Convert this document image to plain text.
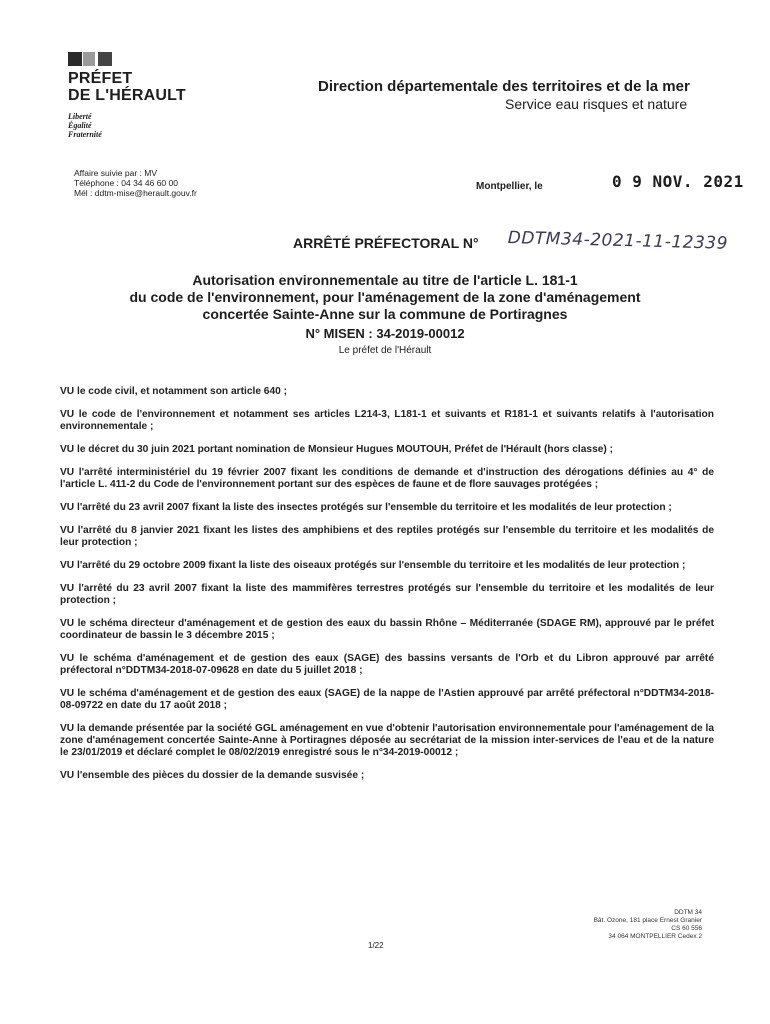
PRÉFET
DE L'HÉRAULT
Liberté
Égalité
Fraternité
Direction départementale des territoires et de la mer
Service eau risques et nature
Affaire suivie par : MV
Téléphone : 04 34 46 60 00
Mél : ddtm-mise@herault.gouv.fr
Montpellier, le	0 9 NOV. 2021
ARRÊTÉ PRÉFECTORAL N° DDTM34-2021-11-12339
Autorisation environnementale au titre de l'article L. 181-1
du code de l'environnement, pour l'aménagement de la zone d'aménagement
concertée Sainte-Anne sur la commune de Portiragnes
N° MISEN : 34-2019-00012
Le préfet de l'Hérault

VU le code civil, et notamment son article 640 ;

VU le code de l'environnement et notamment ses articles L214-3, L181-1 et suivants et R181-1 et suivants relatifs à l'autorisation environnementale ;

VU le décret du 30 juin 2021 portant nomination de Monsieur Hugues MOUTOUH, Préfet de l'Hérault (hors classe) ;

VU l'arrêté interministériel du 19 février 2007 fixant les conditions de demande et d'instruction des dérogations définies au 4° de l'article L. 411-2 du Code de l'environnement portant sur des espèces de faune et de flore sauvages protégées ;

VU l'arrêté du 23 avril 2007 fixant la liste des insectes protégés sur l'ensemble du territoire et les modalités de leur protection ;

VU l'arrêté du 8 janvier 2021 fixant les listes des amphibiens et des reptiles protégés sur l'ensemble du territoire et les modalités de leur protection ;

VU l'arrêté du 29 octobre 2009 fixant la liste des oiseaux protégés sur l'ensemble du territoire et les modalités de leur protection ;

VU l'arrêté du 23 avril 2007 fixant la liste des mammifères terrestres protégés sur l'ensemble du territoire et les modalités de leur protection ;

VU le schéma directeur d'aménagement et de gestion des eaux du bassin Rhône – Méditerranée (SDAGE RM), approuvé par le préfet coordinateur de bassin le 3 décembre 2015 ;

VU le schéma d'aménagement et de gestion des eaux (SAGE) des bassins versants de l'Orb et du Libron approuvé par arrêté préfectoral n°DDTM34-2018-07-09628 en date du 5 juillet 2018 ;

VU le schéma d'aménagement et de gestion des eaux (SAGE) de la nappe de l'Astien approuvé par arrêté préfectoral n°DDTM34-2018-08-09722 en date du 17 août 2018 ;

VU la demande présentée par la société GGL aménagement en vue d'obtenir l'autorisation environnementale pour l'aménagement de la zone d'aménagement concertée Sainte-Anne à Portiragnes déposée au secrétariat de la mission inter-services de l'eau et de la nature le 23/01/2019 et déclaré complet le 08/02/2019 enregistré sous le n°34-2019-00012 ;

VU l'ensemble des pièces du dossier de la demande susvisée ;

DDTM 34
Bât. Ozone, 181 place Ernest Granier
CS 60 556
34 064 MONTPELLIER Cedex 2
1/22
